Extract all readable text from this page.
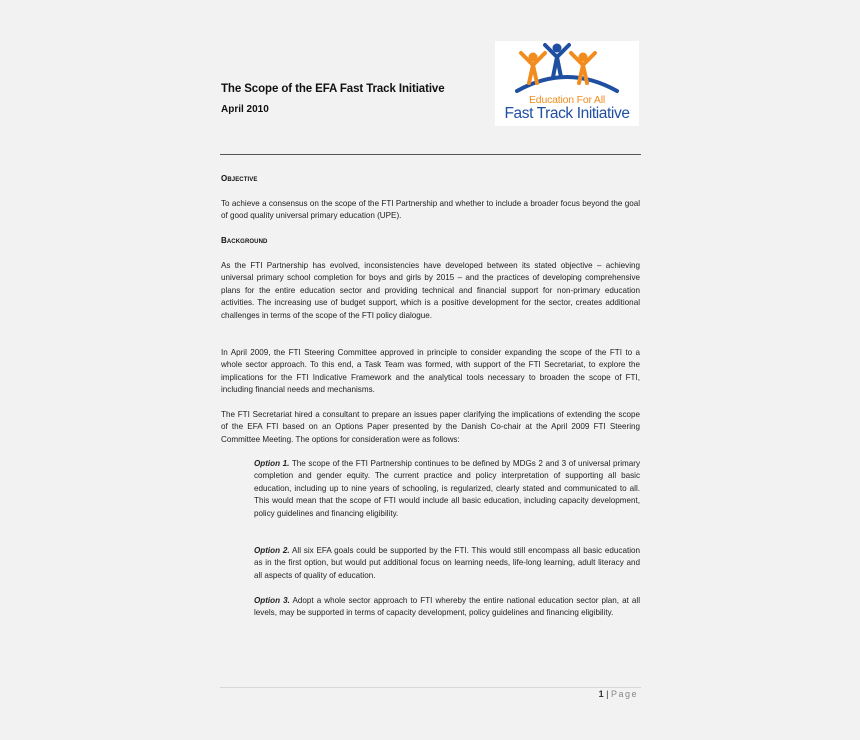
The Scope of the EFA Fast Track Initiative
April 2010
Education For All
Fast Track Initiative
Objective
To achieve a consensus on the scope of the FTI Partnership and whether to include a broader focus beyond the goal of good quality universal primary education (UPE).
Background
As the FTI Partnership has evolved, inconsistencies have developed between its stated objective – achieving universal primary school completion for boys and girls by 2015 – and the practices of developing comprehensive plans for the entire education sector and providing technical and financial support for non-primary education activities. The increasing use of budget support, which is a positive development for the sector, creates additional challenges in terms of the scope of the FTI policy dialogue.
In April 2009, the FTI Steering Committee approved in principle to consider expanding the scope of the FTI to a whole sector approach. To this end, a Task Team was formed, with support of the FTI Secretariat, to explore the implications for the FTI Indicative Framework and the analytical tools necessary to broaden the scope of FTI, including financial needs and mechanisms.
The FTI Secretariat hired a consultant to prepare an issues paper clarifying the implications of extending the scope of the EFA FTI based on an Options Paper presented by the Danish Co-chair at the April 2009 FTI Steering Committee Meeting. The options for consideration were as follows:
Option 1. The scope of the FTI Partnership continues to be defined by MDGs 2 and 3 of universal primary completion and gender equity. The current practice and policy interpretation of supporting all basic education, including up to nine years of schooling, is regularized, clearly stated and communicated to all. This would mean that the scope of FTI would include all basic education, including capacity development, policy guidelines and financing eligibility.
Option 2. All six EFA goals could be supported by the FTI. This would still encompass all basic education as in the first option, but would put additional focus on learning needs, life-long learning, adult literacy and all aspects of quality of education.
Option 3. Adopt a whole sector approach to FTI whereby the entire national education sector plan, at all levels, may be supported in terms of capacity development, policy guidelines and financing eligibility.
1 | Page
